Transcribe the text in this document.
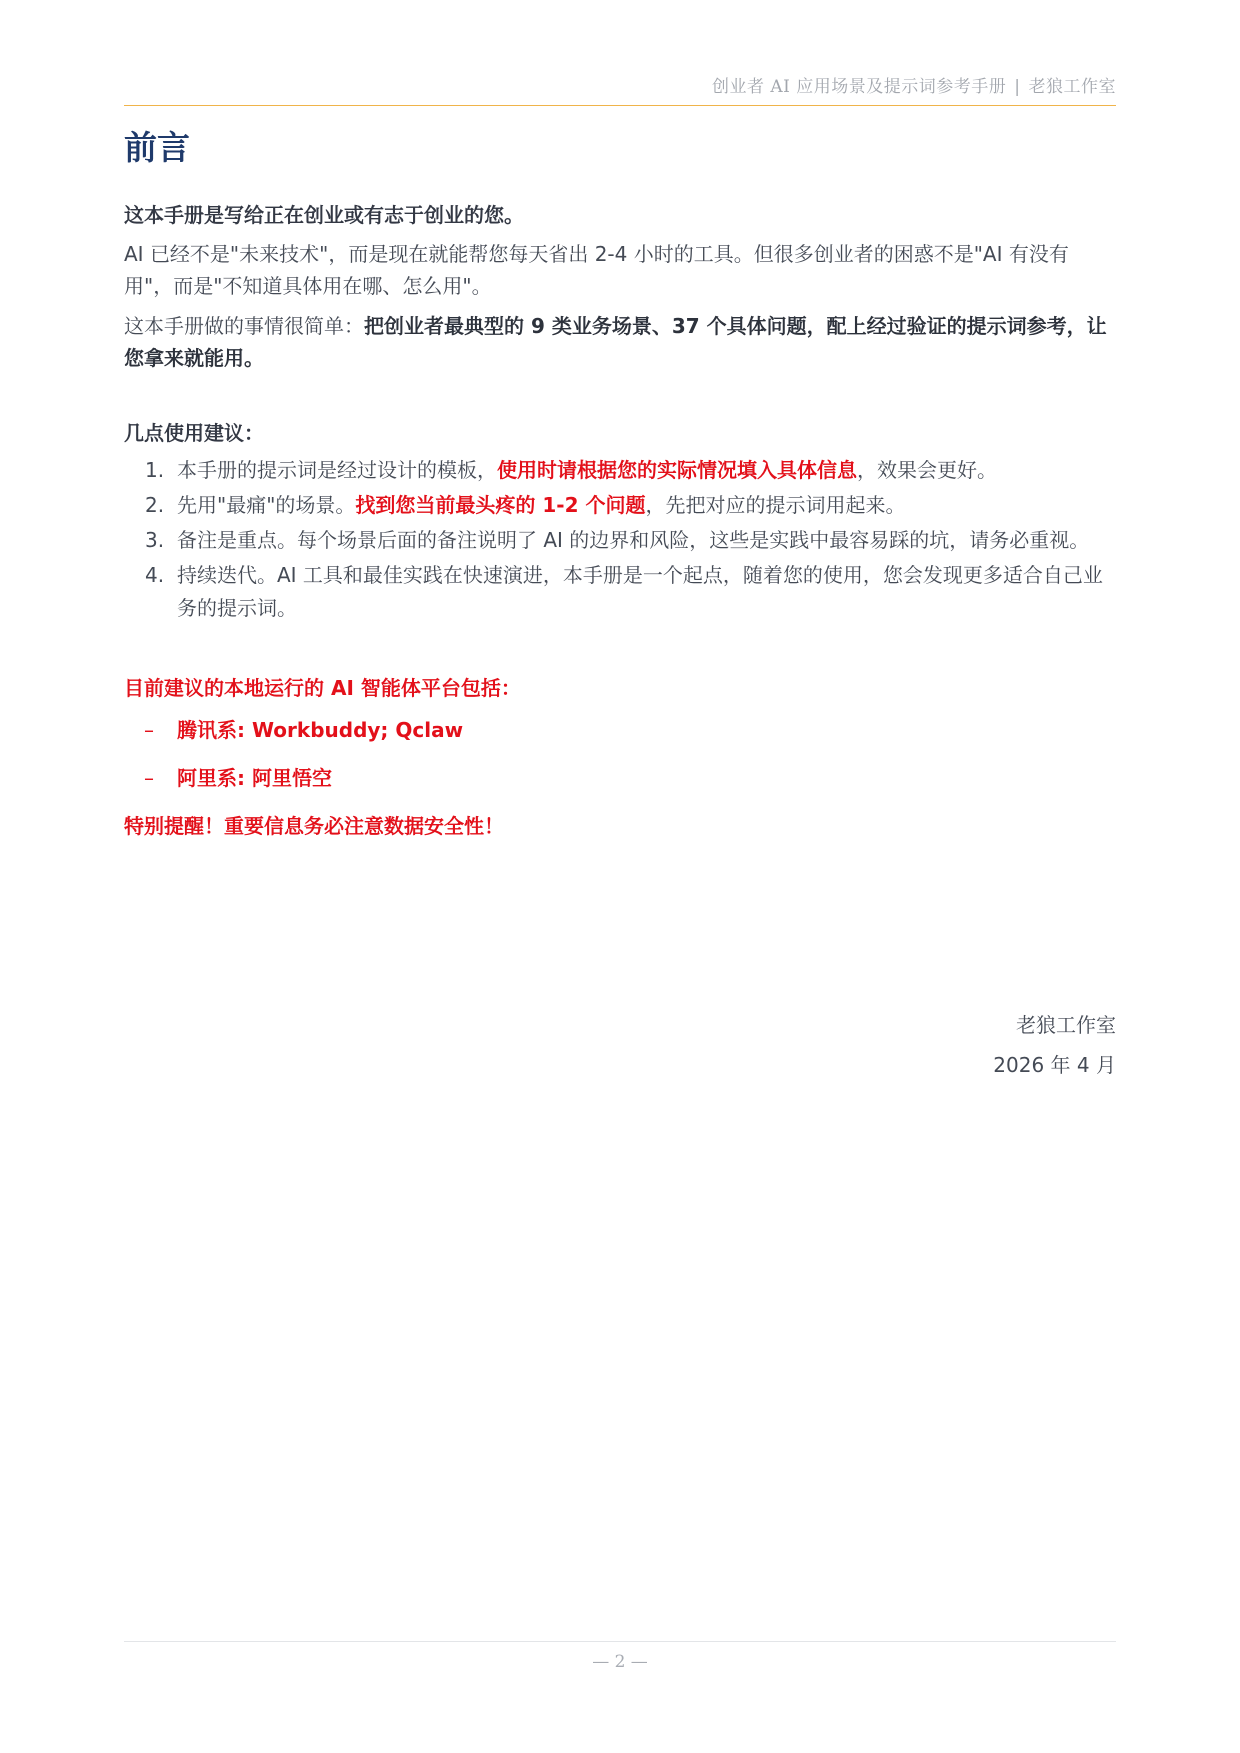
创业者 AI 应用场景及提示词参考手册 | 老狼工作室
前言

这本手册是写给正在创业或有志于创业的您。

AI 已经不是"未来技术"，而是现在就能帮您每天省出 2-4 小时的工具。但很多创业者的困惑不是"AI 有没有用"，而是"不知道具体用在哪、怎么用"。

这本手册做的事情很简单：把创业者最典型的 9 类业务场景、37 个具体问题，配上经过验证的提示词参考，让您拿来就能用。

几点使用建议：

1. 本手册的提示词是经过设计的模板，使用时请根据您的实际情况填入具体信息，效果会更好。
2. 先用"最痛"的场景。找到您当前最头疼的 1-2 个问题，先把对应的提示词用起来。
3. 备注是重点。每个场景后面的备注说明了 AI 的边界和风险，这些是实践中最容易踩的坑，请务必重视。
4. 持续迭代。AI 工具和最佳实践在快速演进，本手册是一个起点，随着您的使用，您会发现更多适合自己业务的提示词。

目前建议的本地运行的 AI 智能体平台包括：

– 腾讯系: Workbuddy; Qclaw
– 阿里系: 阿里悟空

特别提醒！重要信息务必注意数据安全性！

老狼工作室
2026 年 4 月
— 2 —
